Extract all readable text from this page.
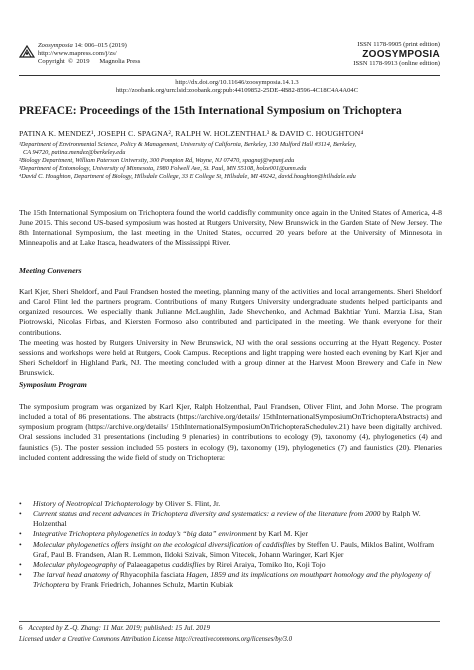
Zoosymposia 14: 006–015 (2019)
http://www.mapress.com/j/zs/
Copyright  ©  2019      Magnolia Press
ISSN 1178-9905 (print edition)
ZOOSYMPOSIA
ISSN 1178-9913 (online edition)
http://dx.doi.org/10.11646/zoosymposia.14.1.3
http://zoobank.org/urn:lsid:zoobank.org:pub:44109852-25DE-4B82-8596-4C18C4A4A04C
PREFACE: Proceedings of the 15th International Symposium on Trichoptera
PATINA K. MENDEZ¹, JOSEPH C. SPAGNA², RALPH W. HOLZENTHAL³ & DAVID C. HOUGHTON⁴
¹Department of Environmental Science, Policy & Management, University of California, Berkeley, 130 Mulford Hall #3114, Berkeley,
CA 94720, patina.mendez@berkeley.edu
²Biology Department, William Paterson University, 300 Pompton Rd, Wayne, NJ 07470, spagnaj@wpunj.edu
³Department of Entomology, University of Minnesota, 1980 Folwell Ave, St. Paul, MN 55108, holze001@umn.edu
⁴David C. Houghton, Department of Biology, Hillsdale College, 33 E College St, Hillsdale, MI 49242, david.houghton@hillsdale.edu

The 15th International Symposium on Trichoptera found the world caddisfly community once again in the United States of America, 4-8 June 2015. This second US-based symposium was hosted at Rutgers University, New Brunswick in the Garden State of New Jersey. The 8th International Symposium, the last meeting in the United States, occurred 20 years before at the University of Minnesota in Minneapolis and at Lake Itasca, headwaters of the Mississippi River.

Meeting Conveners

Karl Kjer, Sheri Sheldorf, and Paul Frandsen hosted the meeting, planning many of the activities and local arrangements. Sheri Sheldorf and Carol Flint led the partners program. Contributions of many Rutgers University undergraduate students helped participants and organized resources. We especially thank Julianne McLaughlin, Jade Shevchenko, and Achmad Bakhtiar Yuni. Marzia Lisa, Stan Piotrowski, Nicolas Firbas, and Kiersten Formoso also contributed and participated in the meeting. We thank everyone for their contributions.

The meeting was hosted by Rutgers University in New Brunswick, NJ with the oral sessions occurring at the Hyatt Regency. Poster sessions and workshops were held at Rutgers, Cook Campus. Receptions and light trapping were hosted each evening by Karl Kjer and Sheri Scheldorf in Highland Park, NJ. The meeting concluded with a group dinner at the Harvest Moon Brewery and Cafe in New Brunswick.

Symposium Program

The symposium program was organized by Karl Kjer, Ralph Holzenthal, Paul Frandsen, Oliver Flint, and John Morse. The program included a total of 86 presentations. The abstracts (https://archive.org/details/ 15thInternationalSymposiumOnTrichopteraAbstracts) and symposium program (https://archive.org/details/ 15thInternationalSymposiumOnTrichopteraSchedulev.21) have been digitally archived. Oral sessions included 31 presentations (including 9 plenaries) in contributions to ecology (9), taxonomy (4), phylogenetics (4) and faunistics (5). The poster session included 55 posters in ecology (9), taxonomy (19), phylogenetics (7) and faunistics (20). Plenaries included content addressing the wide field of study on Trichoptera:

• History of Neotropical Trichopterology by Oliver S. Flint, Jr.
• Current status and recent advances in Trichoptera diversity and systematics: a review of the literature from 2000 by Ralph W. Holzenthal
• Integrative Trichoptera phylogenetics in today’s “big data” environment by Karl M. Kjer
• Molecular phylogenetics offers insight on the ecological diversification of caddisflies by Steffen U. Pauls, Miklos Balint, Wolfram Graf, Paul B. Frandsen, Alan R. Lemmon, Ildoki Szivak, Simon Vitecek, Johann Waringer, Karl Kjer
• Molecular phylogeography of Palaeagapetus caddisflies by Rirei Araiya, Tomiko Ito, Koji Tojo
• The larval head anatomy of Rhyacophila fasciata Hagen, 1859 and its implications on mouthpart homology and the phylogeny of Trichoptera by Frank Friedrich, Johannes Schulz, Martin Kubiak
6 Accepted by Z.-Q. Zhang: 11 Mar. 2019; published: 15 Jul. 2019
Licensed under a Creative Commons Attribution License http://creativecommons.org/licenses/by/3.0
